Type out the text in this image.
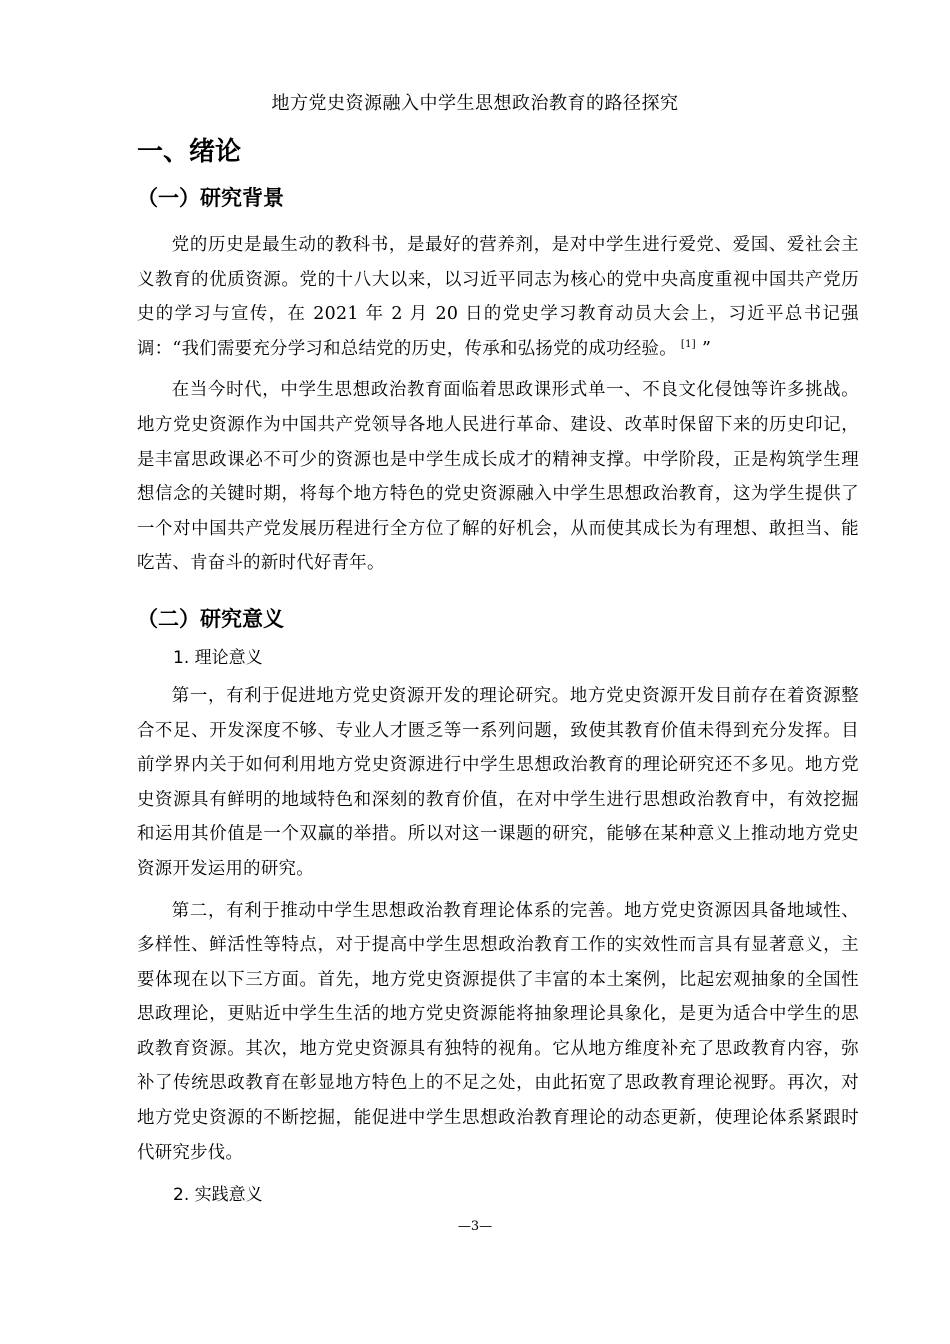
地方党史资源融入中学生思想政治教育的路径探究
一、绪论
（一）研究背景

党的历史是最生动的教科书，是最好的营养剂，是对中学生进行爱党、爱国、爱社会主义教育的优质资源。党的十八大以来，以习近平同志为核心的党中央高度重视中国共产党历史的学习与宣传，在 2021 年 2 月 20 日的党史学习教育动员大会上，习近平总书记强调：“我们需要充分学习和总结党的历史，传承和弘扬党的成功经验。 [1] ”

在当今时代，中学生思想政治教育面临着思政课形式单一、不良文化侵蚀等许多挑战。地方党史资源作为中国共产党领导各地人民进行革命、建设、改革时保留下来的历史印记，是丰富思政课必不可少的资源也是中学生成长成才的精神支撑。中学阶段，正是构筑学生理想信念的关键时期，将每个地方特色的党史资源融入中学生思想政治教育，这为学生提供了一个对中国共产党发展历程进行全方位了解的好机会，从而使其成长为有理想、敢担当、能吃苦、肯奋斗的新时代好青年。

（二）研究意义
1. 理论意义

第一，有利于促进地方党史资源开发的理论研究。地方党史资源开发目前存在着资源整合不足、开发深度不够、专业人才匮乏等一系列问题，致使其教育价值未得到充分发挥。目前学界内关于如何利用地方党史资源进行中学生思想政治教育的理论研究还不多见。地方党史资源具有鲜明的地域特色和深刻的教育价值，在对中学生进行思想政治教育中，有效挖掘和运用其价值是一个双赢的举措。所以对这一课题的研究，能够在某种意义上推动地方党史资源开发运用的研究。

第二，有利于推动中学生思想政治教育理论体系的完善。地方党史资源因具备地域性、多样性、鲜活性等特点，对于提高中学生思想政治教育工作的实效性而言具有显著意义，主要体现在以下三方面。首先，地方党史资源提供了丰富的本土案例，比起宏观抽象的全国性思政理论，更贴近中学生生活的地方党史资源能将抽象理论具象化，是更为适合中学生的思政教育资源。其次，地方党史资源具有独特的视角。它从地方维度补充了思政教育内容，弥补了传统思政教育在彰显地方特色上的不足之处，由此拓宽了思政教育理论视野。再次，对地方党史资源的不断挖掘，能促进中学生思想政治教育理论的动态更新，使理论体系紧跟时代研究步伐。

2. 实践意义
—3—
